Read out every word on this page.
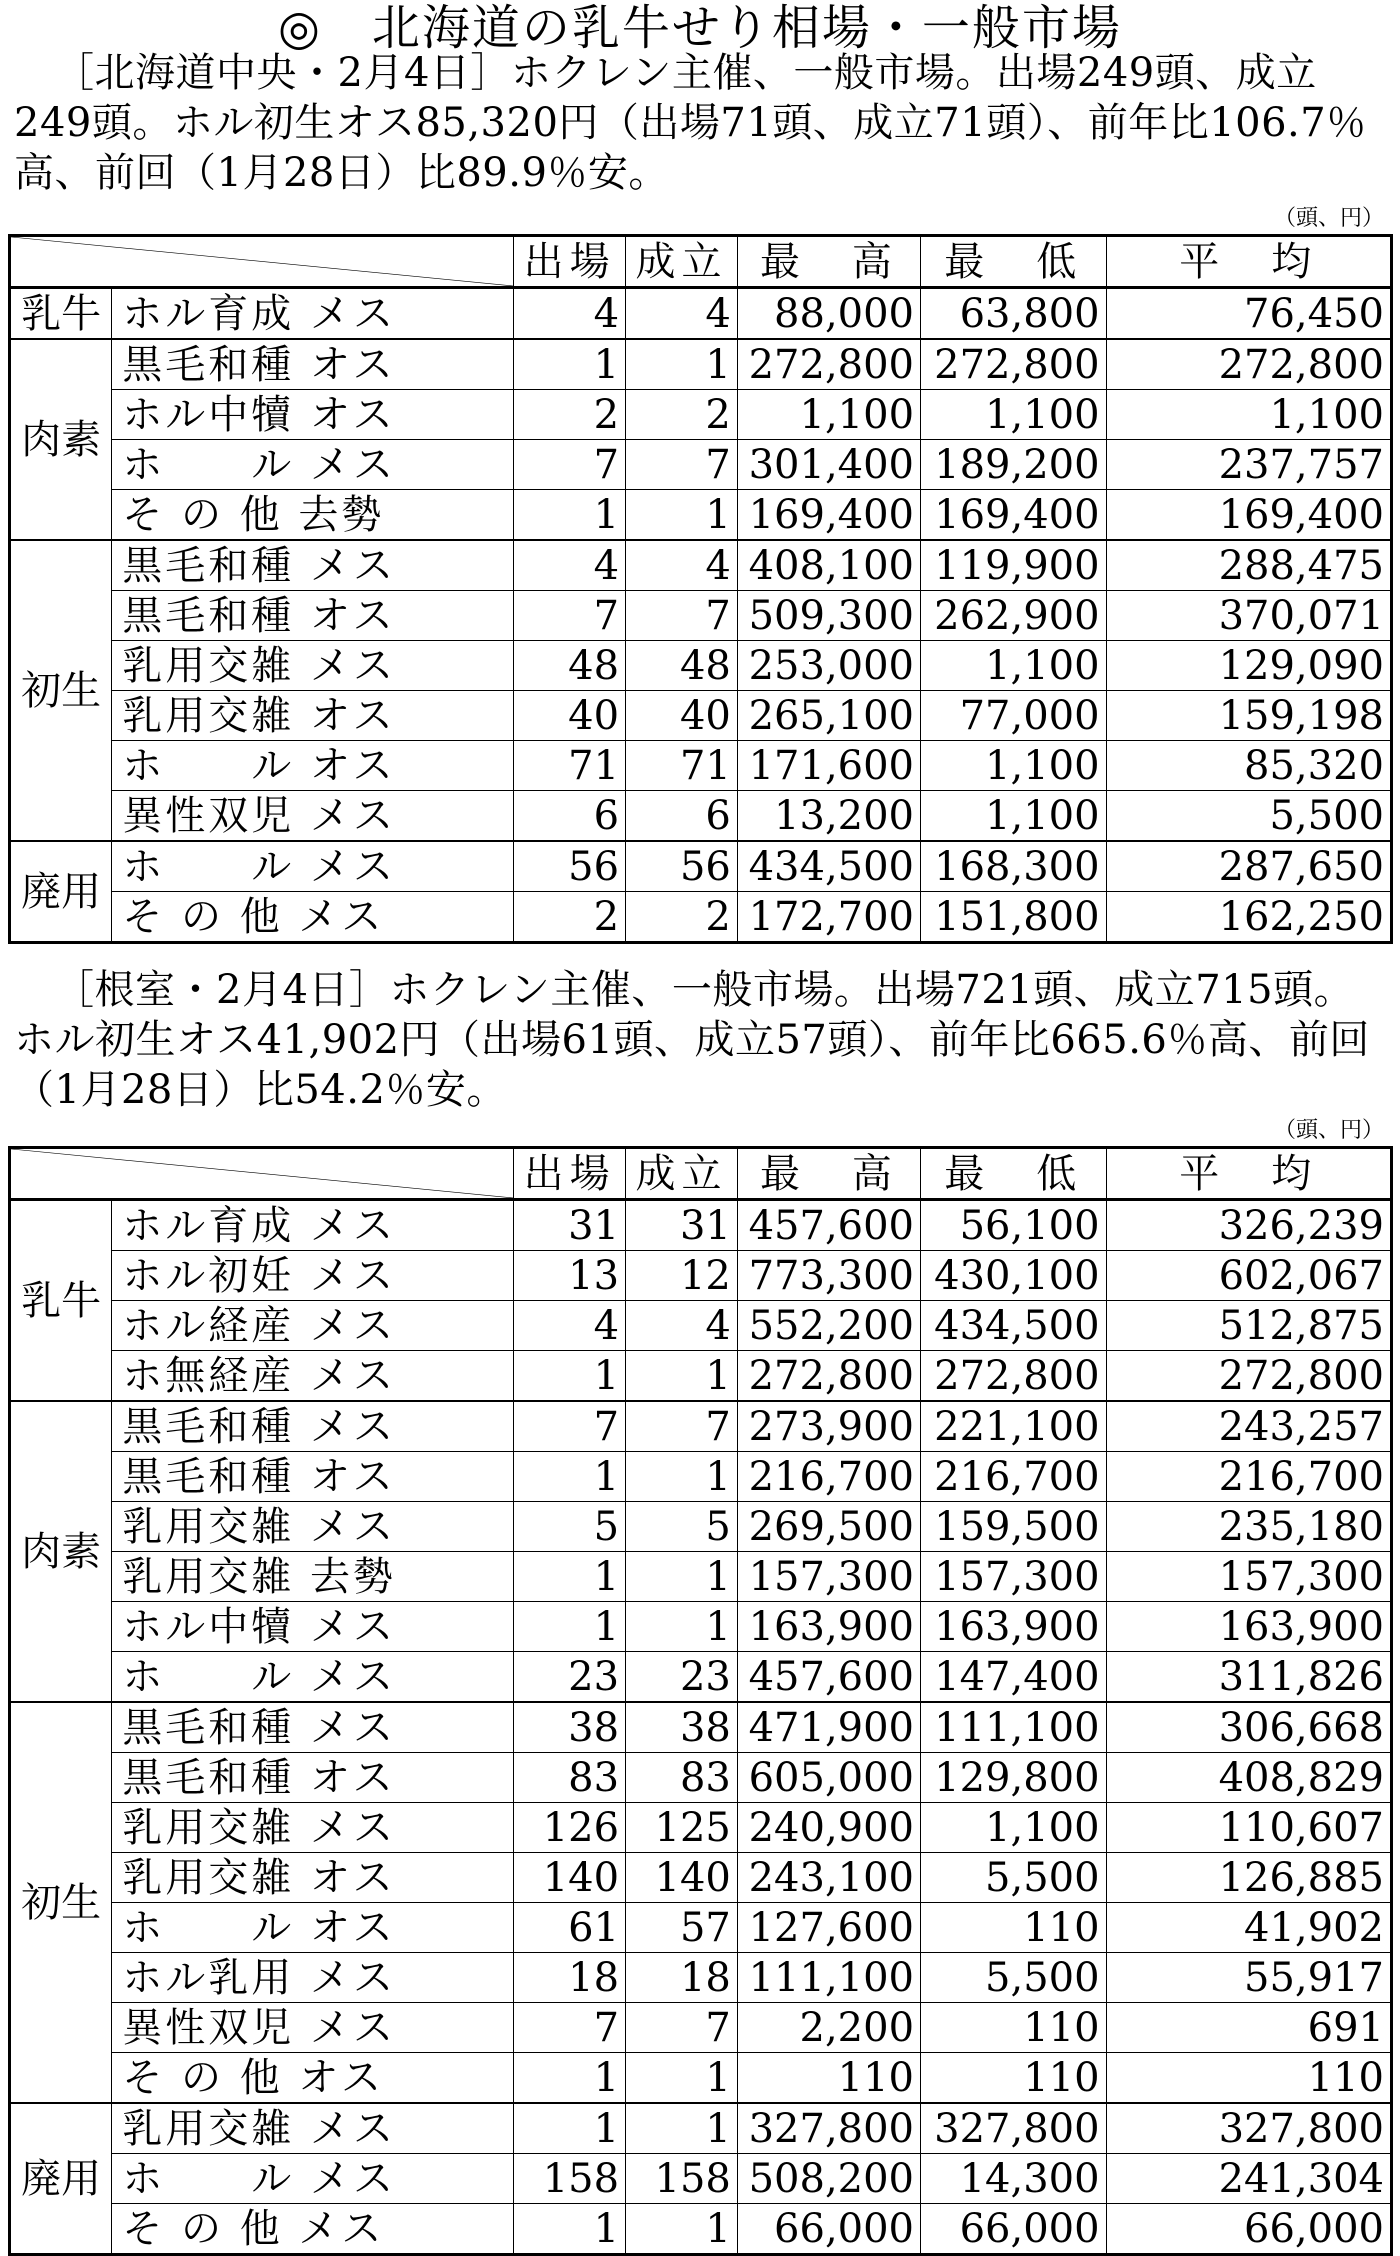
◎　北海道の乳牛せり相場・一般市場
［北海道中央・2月4日］ホクレン主催、一般市場。出場249頭、成立249頭。ホル初生オス85,320円（出場71頭、成立71頭）、前年比106.7％高、前回（1月28日）比89.9％安。
（頭、円）
	出場	成立	最　高	最　低	平　均
乳牛	ホル育成 メス	4	4	88,000	63,800	76,450
肉素	黒毛和種 オス	1	1	272,800	272,800	272,800
	ホル中犢 オス	2	2	1,100	1,100	1,100
	ホ　　ル メス	7	7	301,400	189,200	237,757
	そ の 他 去勢	1	1	169,400	169,400	169,400
初生	黒毛和種 メス	4	4	408,100	119,900	288,475
	黒毛和種 オス	7	7	509,300	262,900	370,071
	乳用交雑 メス	48	48	253,000	1,100	129,090
	乳用交雑 オス	40	40	265,100	77,000	159,198
	ホ　　ル オス	71	71	171,600	1,100	85,320
	異性双児 メス	6	6	13,200	1,100	5,500
廃用	ホ　　ル メス	56	56	434,500	168,300	287,650
	そ の 他 メス	2	2	172,700	151,800	162,250
［根室・2月4日］ホクレン主催、一般市場。出場721頭、成立715頭。ホル初生オス41,902円（出場61頭、成立57頭）、前年比665.6％高、前回（1月28日）比54.2％安。
（頭、円）
	出場	成立	最　高	最　低	平　均
乳牛	ホル育成 メス	31	31	457,600	56,100	326,239
	ホル初妊 メス	13	12	773,300	430,100	602,067
	ホル経産 メス	4	4	552,200	434,500	512,875
	ホ無経産 メス	1	1	272,800	272,800	272,800
肉素	黒毛和種 メス	7	7	273,900	221,100	243,257
	黒毛和種 オス	1	1	216,700	216,700	216,700
	乳用交雑 メス	5	5	269,500	159,500	235,180
	乳用交雑 去勢	1	1	157,300	157,300	157,300
	ホル中犢 メス	1	1	163,900	163,900	163,900
	ホ　　ル メス	23	23	457,600	147,400	311,826
初生	黒毛和種 メス	38	38	471,900	111,100	306,668
	黒毛和種 オス	83	83	605,000	129,800	408,829
	乳用交雑 メス	126	125	240,900	1,100	110,607
	乳用交雑 オス	140	140	243,100	5,500	126,885
	ホ　　ル オス	61	57	127,600	110	41,902
	ホル乳用 メス	18	18	111,100	5,500	55,917
	異性双児 メス	7	7	2,200	110	691
	そ の 他 オス	1	1	110	110	110
廃用	乳用交雑 メス	1	1	327,800	327,800	327,800
	ホ　　ル メス	158	158	508,200	14,300	241,304
	そ の 他 メス	1	1	66,000	66,000	66,000
